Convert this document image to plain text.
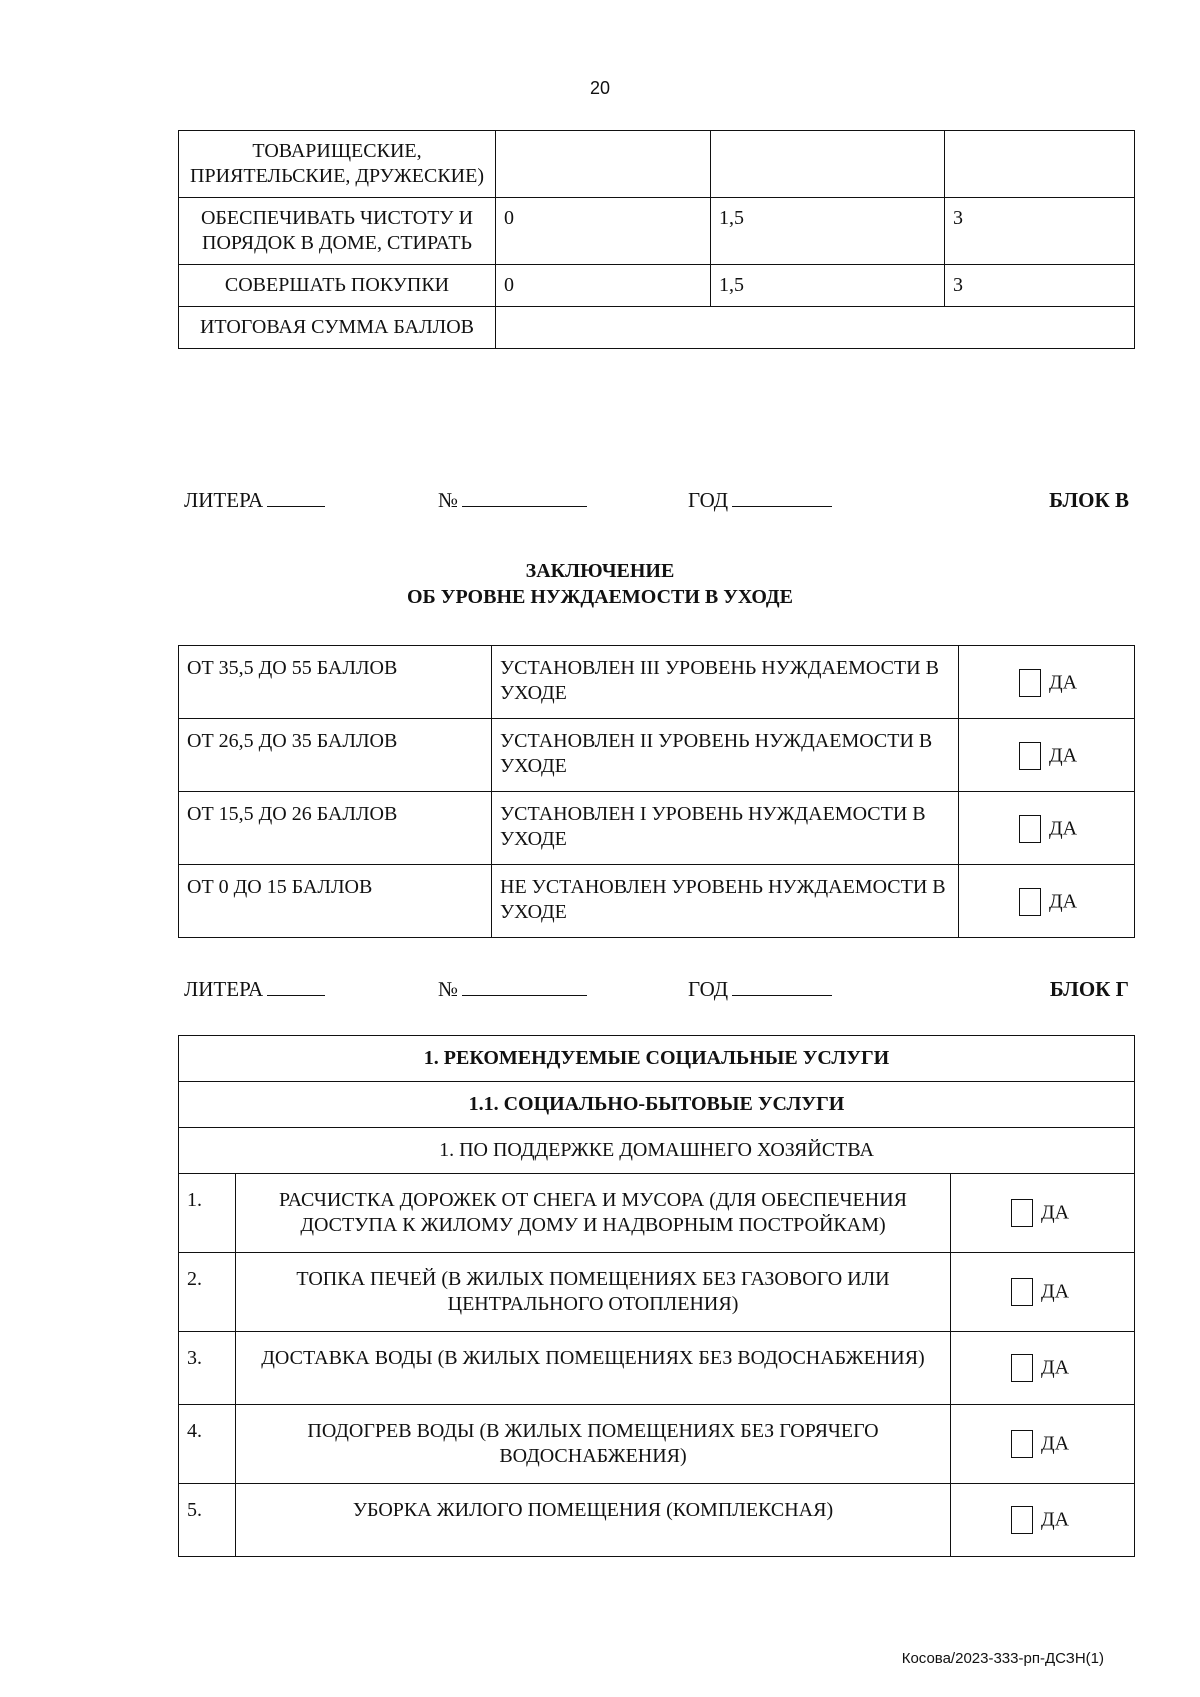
20
ТОВАРИЩЕСКИЕ, ПРИЯТЕЛЬСКИЕ, ДРУЖЕСКИЕ)			
ОБЕСПЕЧИВАТЬ ЧИСТОТУ И ПОРЯДОК В ДОМЕ, СТИРАТЬ	0	1,5	3
СОВЕРШАТЬ ПОКУПКИ	0	1,5	3
ИТОГОВАЯ СУММА БАЛЛОВ			
ЛИТЕРА	№	ГОД	БЛОК В
ЗАКЛЮЧЕНИЕ
ОБ УРОВНЕ НУЖДАЕМОСТИ В УХОДЕ
ОТ 35,5 ДО 55 БАЛЛОВ	УСТАНОВЛЕН III УРОВЕНЬ НУЖДАЕМОСТИ В УХОДЕ	ДА
ОТ 26,5 ДО 35 БАЛЛОВ	УСТАНОВЛЕН II УРОВЕНЬ НУЖДАЕМОСТИ В УХОДЕ	ДА
ОТ 15,5 ДО 26 БАЛЛОВ	УСТАНОВЛЕН I УРОВЕНЬ НУЖДАЕМОСТИ В УХОДЕ	ДА
ОТ 0 ДО 15 БАЛЛОВ	НЕ УСТАНОВЛЕН УРОВЕНЬ НУЖДАЕМОСТИ В УХОДЕ	ДА
ЛИТЕРА	№	ГОД	БЛОК Г
1. РЕКОМЕНДУЕМЫЕ СОЦИАЛЬНЫЕ УСЛУГИ		
1.1. СОЦИАЛЬНО-БЫТОВЫЕ УСЛУГИ		
1. ПО ПОДДЕРЖКЕ ДОМАШНЕГО ХОЗЯЙСТВА		
1.	РАСЧИСТКА ДОРОЖЕК ОТ СНЕГА И МУСОРА (ДЛЯ ОБЕСПЕЧЕНИЯ ДОСТУПА К ЖИЛОМУ ДОМУ И НАДВОРНЫМ ПОСТРОЙКАМ)	ДА
2.	ТОПКА ПЕЧЕЙ (В ЖИЛЫХ ПОМЕЩЕНИЯХ БЕЗ ГАЗОВОГО ИЛИ ЦЕНТРАЛЬНОГО ОТОПЛЕНИЯ)	ДА
3.	ДОСТАВКА ВОДЫ (В ЖИЛЫХ ПОМЕЩЕНИЯХ БЕЗ ВОДОСНАБЖЕНИЯ)	ДА
4.	ПОДОГРЕВ ВОДЫ (В ЖИЛЫХ ПОМЕЩЕНИЯХ БЕЗ ГОРЯЧЕГО ВОДОСНАБЖЕНИЯ)	ДА
5.	УБОРКА ЖИЛОГО ПОМЕЩЕНИЯ (КОМПЛЕКСНАЯ)	ДА
Косова/2023-333-рп-ДСЗН(1)
